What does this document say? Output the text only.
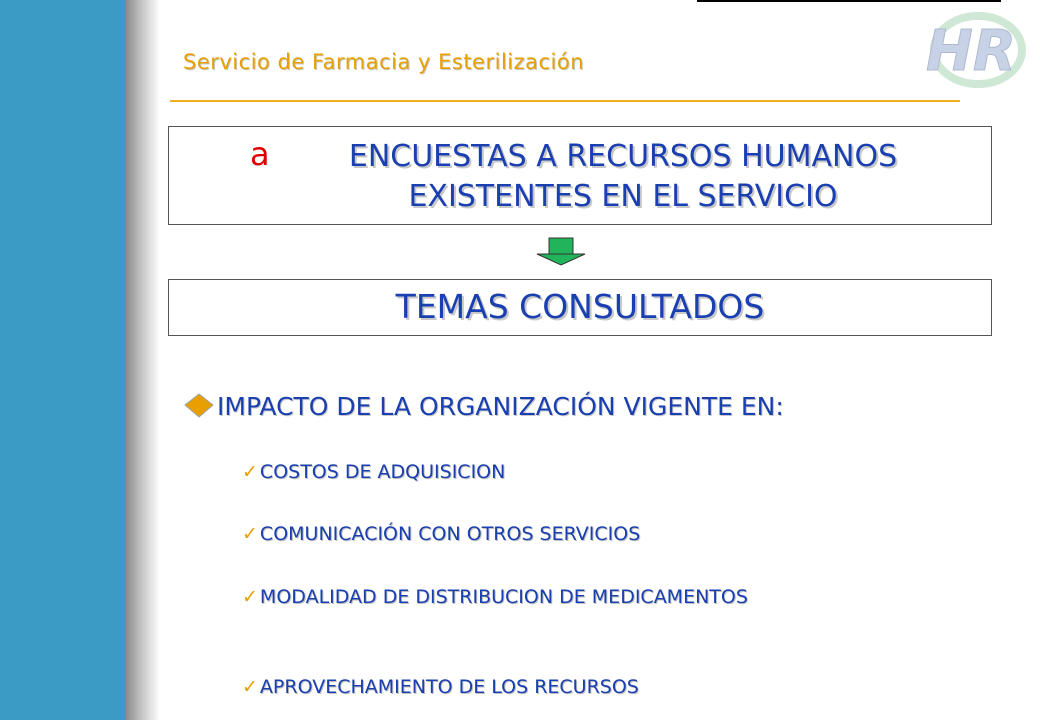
Servicio de Farmacia y Esterilización	HR
a	ENCUESTAS A RECURSOS HUMANOS
EXISTENTES EN EL SERVICIO
TEMAS CONSULTADOS
IMPACTO DE LA ORGANIZACIÓN VIGENTE EN:
✓ COSTOS DE ADQUISICION
✓ COMUNICACIÓN CON OTROS SERVICIOS
✓ MODALIDAD DE DISTRIBUCION DE MEDICAMENTOS
✓ APROVECHAMIENTO DE LOS RECURSOS
